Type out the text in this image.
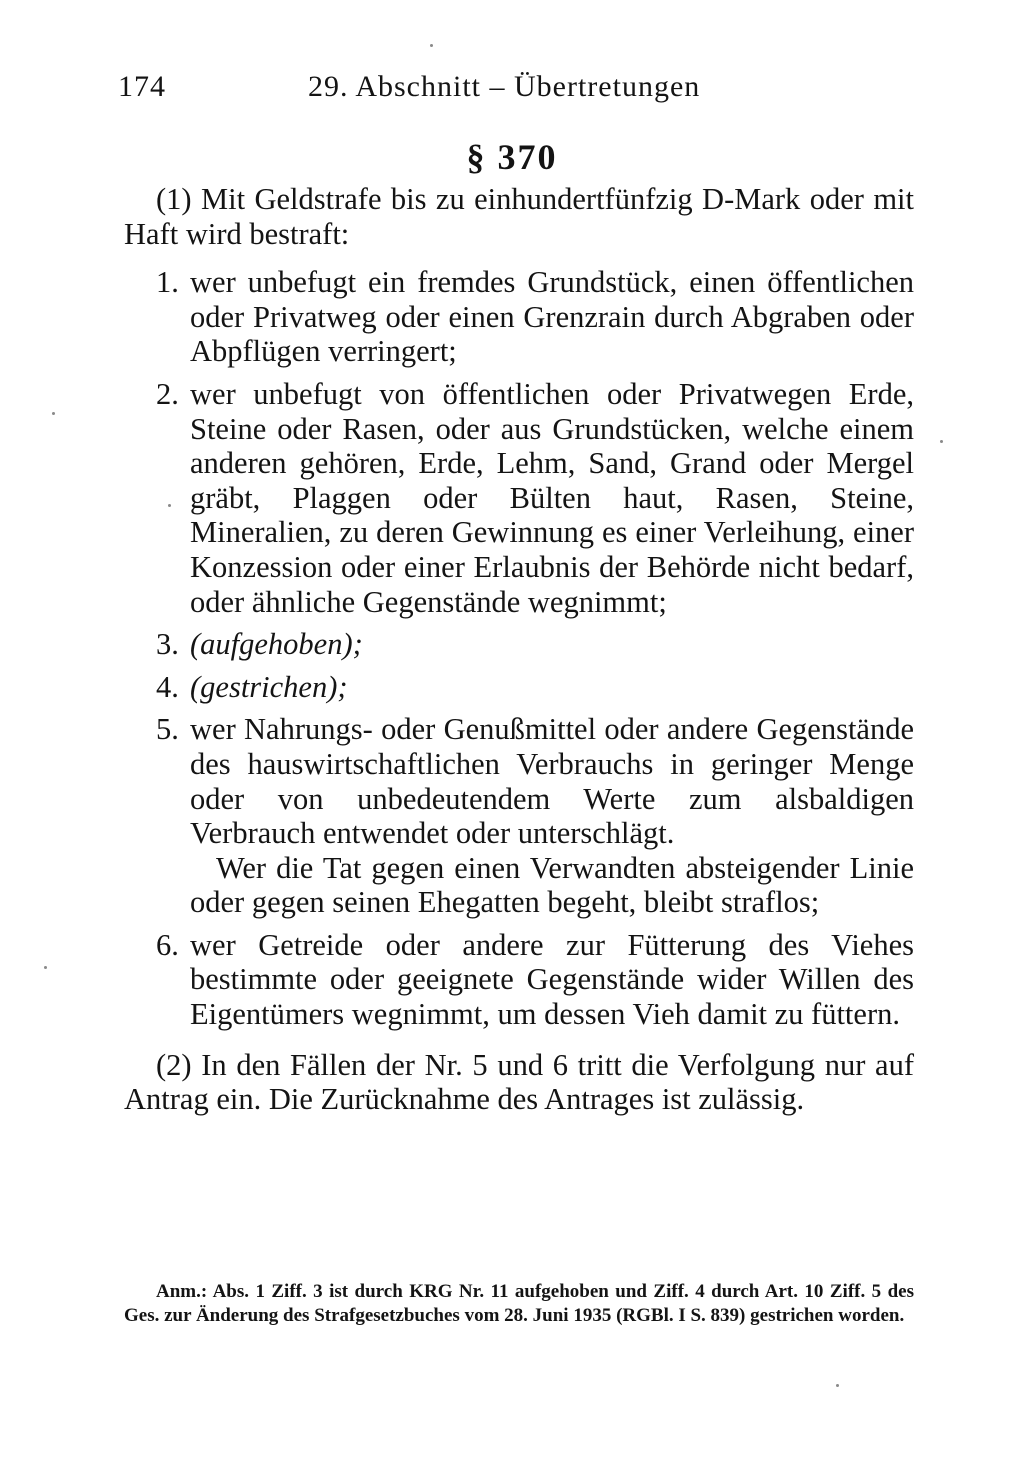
174	29. Abschnitt – Übertretungen
§ 370

(1) Mit Geldstrafe bis zu einhundertfünfzig D-Mark oder mit Haft wird bestraft:

1. wer unbefugt ein fremdes Grundstück, einen öffentlichen oder Privatweg oder einen Grenzrain durch Abgraben oder Abpflügen verringert;
2. wer unbefugt von öffentlichen oder Privatwegen Erde, Steine oder Rasen, oder aus Grundstücken, welche einem anderen gehören, Erde, Lehm, Sand, Grand oder Mergel gräbt, Plaggen oder Bülten haut, Rasen, Steine, Mineralien, zu deren Gewinnung es einer Verleihung, einer Konzession oder einer Erlaubnis der Behörde nicht bedarf, oder ähnliche Gegenstände wegnimmt;
3. (aufgehoben);
4. (gestrichen);
5. wer Nahrungs- oder Genußmittel oder andere Gegenstände des hauswirtschaftlichen Verbrauchs in geringer Menge oder von unbedeutendem Werte zum alsbaldigen Verbrauch entwendet oder unterschlägt.
Wer die Tat gegen einen Verwandten absteigender Linie oder gegen seinen Ehegatten begeht, bleibt straflos;
6. wer Getreide oder andere zur Fütterung des Viehes bestimmte oder geeignete Gegenstände wider Willen des Eigentümers wegnimmt, um dessen Vieh damit zu füttern.

(2) In den Fällen der Nr. 5 und 6 tritt die Verfolgung nur auf Antrag ein. Die Zurücknahme des Antrages ist zulässig.

Anm.: Abs. 1 Ziff. 3 ist durch KRG Nr. 11 aufgehoben und Ziff. 4 durch Art. 10 Ziff. 5 des Ges. zur Änderung des Strafgesetzbuches vom 28. Juni 1935 (RGBl. I S. 839) gestrichen worden.
